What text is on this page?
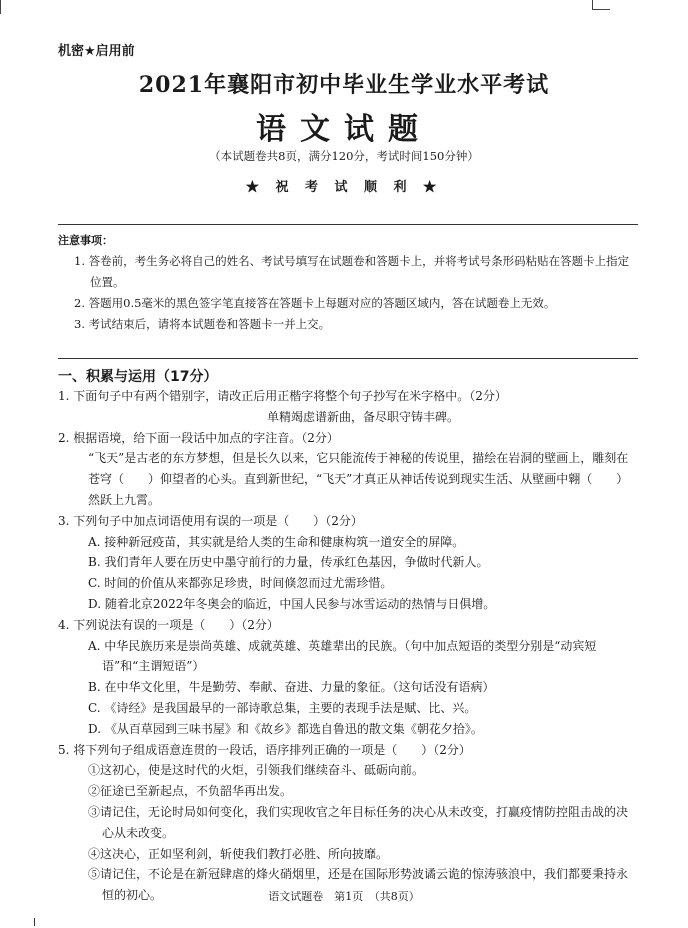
机密★启用前
2021年襄阳市初中毕业生学业水平考试
语文试题
（本试题卷共8页，满分120分，考试时间150分钟）
★ 祝 考 试 顺 利 ★
注意事项：
1. 答卷前，考生务必将自己的姓名、考试号填写在试题卷和答题卡上，并将考试号条形码粘贴在答题卡上指定位置。
2. 答题用0.5毫米的黑色签字笔直接答在答题卡上每题对应的答题区域内，答在试题卷上无效。
3. 考试结束后，请将本试题卷和答题卡一并上交。
一、积累与运用（17分）
1. 下面句子中有两个错别字，请改正后用正楷字将整个句子抄写在米字格中。（2分）
单精竭虑谱新曲，备尽职守铸丰碑。
2. 根据语境，给下面一段话中加点的字注音。（2分）
“飞天”是古老的东方梦想，但是长久以来，它只能流传于神秘的传说里，描绘在岩洞的壁画上，雕刻在苍穹（　　）仰望者的心头。直到新世纪，“飞天”才真正从神话传说到现实生活、从壁画中翱（　　）然跃上九霄。
3. 下列句子中加点词语使用有误的一项是（　　）（2分）
A. 接种新冠疫苗，其实就是给人类的生命和健康构筑一道安全的屏障。
B. 我们青年人要在历史中墨守前行的力量，传承红色基因，争做时代新人。
C. 时间的价值从来都弥足珍贵，时间倏忽而过尤需珍惜。
D. 随着北京2022年冬奥会的临近，中国人民参与冰雪运动的热情与日俱增。
4. 下列说法有误的一项是（　　）（2分）
A. 中华民族历来是崇尚英雄、成就英雄、英雄辈出的民族。（句中加点短语的类型分别是“动宾短语”和“主谓短语”）
B. 在中华文化里，牛是勤劳、奉献、奋进、力量的象征。（这句话没有语病）
C. 《诗经》是我国最早的一部诗歌总集，主要的表现手法是赋、比、兴。
D. 《从百草园到三味书屋》和《故乡》都选自鲁迅的散文集《朝花夕拾》。
5. 将下列句子组成语意连贯的一段话，语序排列正确的一项是（　　）（2分）
①这初心，使是这时代的火炬，引领我们继续奋斗、砥砺向前。
②征途已至新起点，不负韶华再出发。
③请记住，无论时局如何变化，我们实现收官之年目标任务的决心从未改变，打赢疫情防控阻击战的决心从未改变。
④这决心，正如坚利剑，斩使我们教打必胜、所向披靡。
⑤请记住，不论是在新冠肆虐的烽火硝烟里，还是在国际形势波谲云诡的惊涛骇浪中，我们都要秉持永恒的初心。	语文试题卷　第1页　（共8页）
